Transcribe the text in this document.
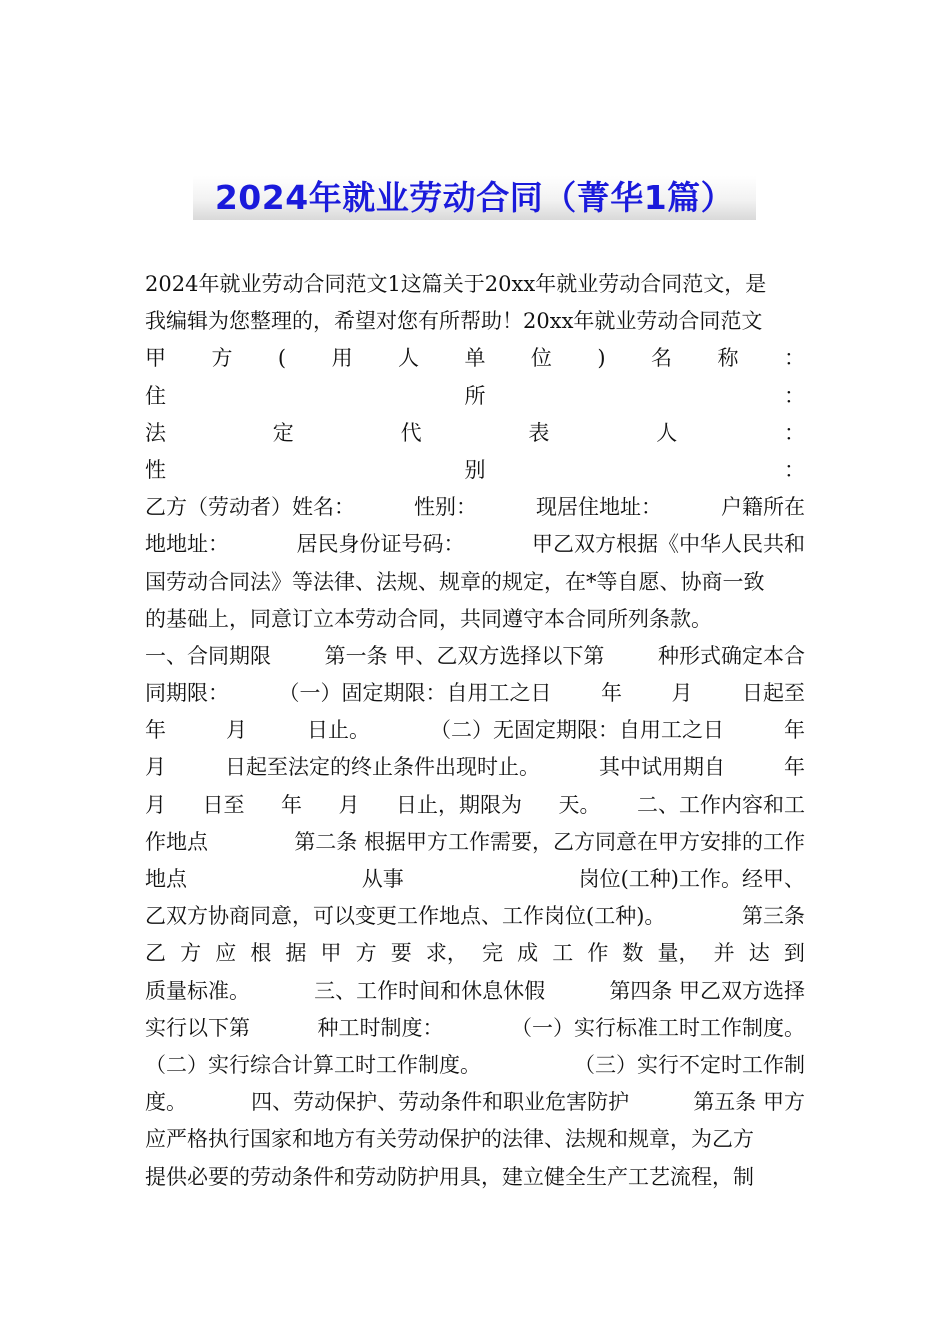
2024年就业劳动合同（菁华1篇）
2024年就业劳动合同范文1这篇关于20xx年就业劳动合同范文，是
我编辑为您整理的，希望对您有所帮助！20xx年就业劳动合同范文
甲 方 ( 用 人 单 位 ) 名 称 ：
住	所	：
法	定	代	表	人	：
性	别	：
乙方（劳动者）姓名：	性别：	现居住地址：	户籍所在
地地址：	居民身份证号码：	甲乙双方根据《中华人民共和
国劳动合同法》等法律、法规、规章的规定，在*等自愿、协商一致
的基础上，同意订立本劳动合同，共同遵守本合同所列条款。
一、合同期限	第一条 甲、乙双方选择以下第	种形式确定本合
同期限： （一）固定期限：自用工之日 年 月 日起至
年	月	日止。	（二）无固定期限：自用工之日	年
月	日起至法定的终止条件出现时止。	其中试用期自	年
月 日至 年 月 日止，期限为 天。 二、工作内容和工
作地点	第二条 根据甲方工作需要，乙方同意在甲方安排的工作
地点	从事	岗位(工种)工作。经甲、
乙双方协商同意，可以变更工作地点、工作岗位(工种)。	第三条
乙 方 应 根 据 甲 方 要 求， 完 成 工 作 数 量， 并 达 到
质量标准。	三、工作时间和休息休假	第四条 甲乙双方选择
实行以下第	种工时制度：	（一）实行标准工时工作制度。
（二）实行综合计算工时工作制度。	（三）实行不定时工作制
度。	四、劳动保护、劳动条件和职业危害防护	第五条 甲方
应严格执行国家和地方有关劳动保护的法律、法规和规章，为乙方
提供必要的劳动条件和劳动防护用具，建立健全生产工艺流程，制
